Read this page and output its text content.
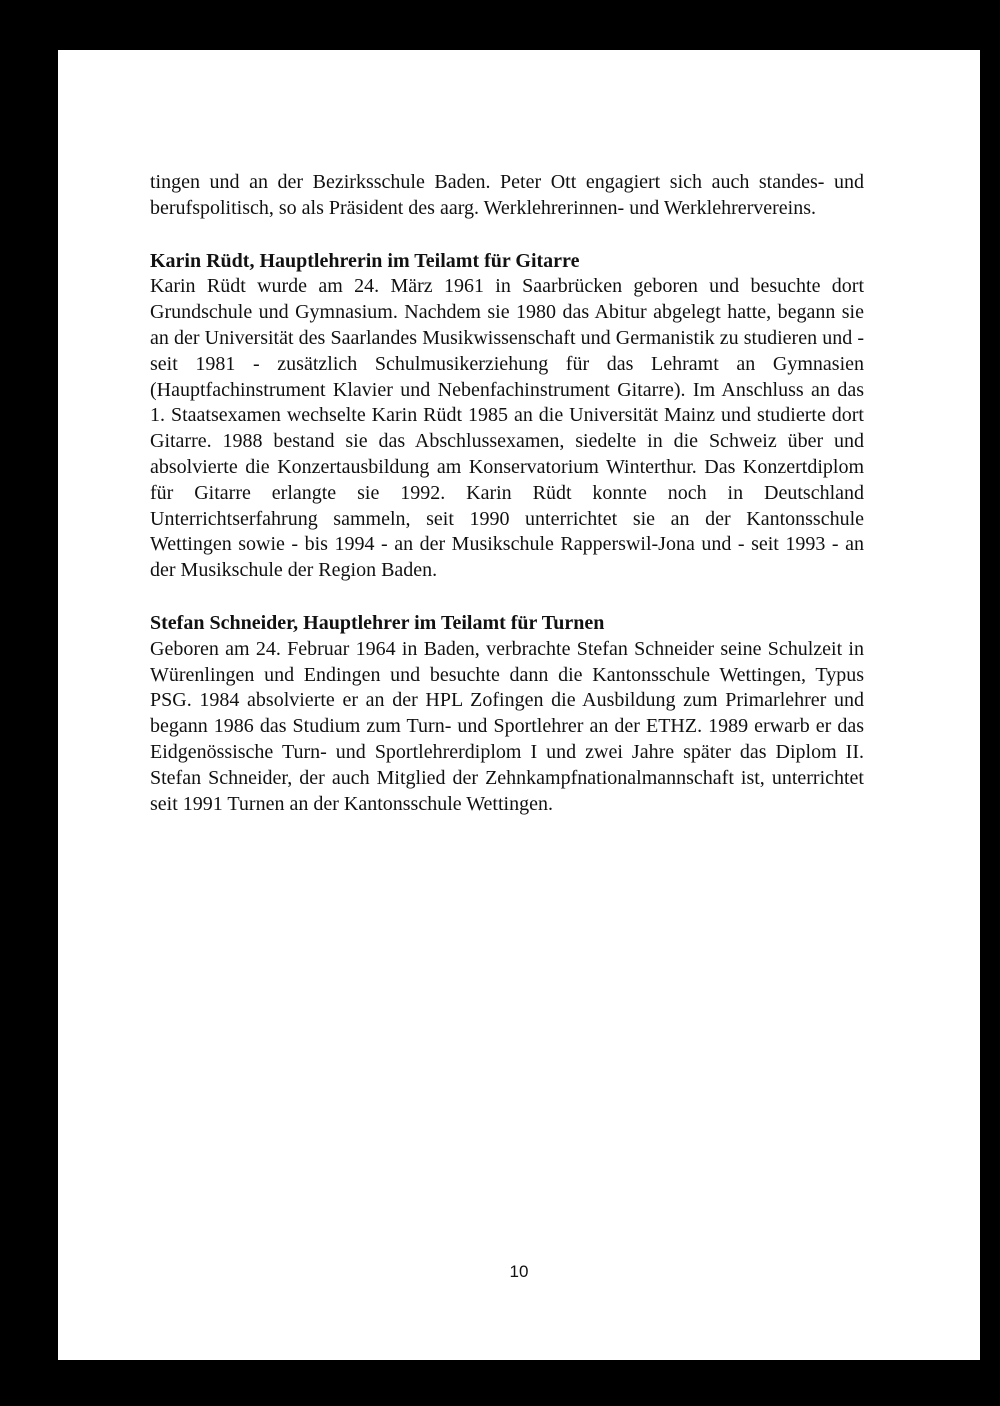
tingen und an der Bezirksschule Baden. Peter Ott engagiert sich auch standes- und berufspolitisch, so als Präsident des aarg. Werklehrerinnen- und Werklehrervereins.

Karin Rüdt, Hauptlehrerin im Teilamt für Gitarre

Karin Rüdt wurde am 24. März 1961 in Saarbrücken geboren und besuchte dort Grundschule und Gymnasium. Nachdem sie 1980 das Abitur abgelegt hatte, begann sie an der Universität des Saarlandes Musikwissenschaft und Germanistik zu studieren und - seit 1981 - zusätzlich Schulmusikerziehung für das Lehramt an Gymnasien (Hauptfachinstrument Klavier und Nebenfachinstrument Gitarre). Im Anschluss an das 1. Staatsexamen wechselte Karin Rüdt 1985 an die Universität Mainz und studierte dort Gitarre. 1988 bestand sie das Abschlussexamen, siedelte in die Schweiz über und absolvierte die Konzertausbildung am Konservatorium Winterthur. Das Konzertdiplom für Gitarre erlangte sie 1992. Karin Rüdt konnte noch in Deutschland Unterrichtserfahrung sammeln, seit 1990 unterrichtet sie an der Kantonsschule Wettingen sowie - bis 1994 - an der Musikschule Rapperswil-Jona und - seit 1993 - an der Musikschule der Region Baden.

Stefan Schneider, Hauptlehrer im Teilamt für Turnen

Geboren am 24. Februar 1964 in Baden, verbrachte Stefan Schneider seine Schulzeit in Würenlingen und Endingen und besuchte dann die Kantonsschule Wettingen, Typus PSG. 1984 absolvierte er an der HPL Zofingen die Ausbildung zum Primarlehrer und begann 1986 das Studium zum Turn- und Sportlehrer an der ETHZ. 1989 erwarb er das Eidgenössische Turn- und Sportlehrerdiplom I und zwei Jahre später das Diplom II. Stefan Schneider, der auch Mitglied der Zehnkampfnationalmannschaft ist, unterrichtet seit 1991 Turnen an der Kantonsschule Wettingen.

10
